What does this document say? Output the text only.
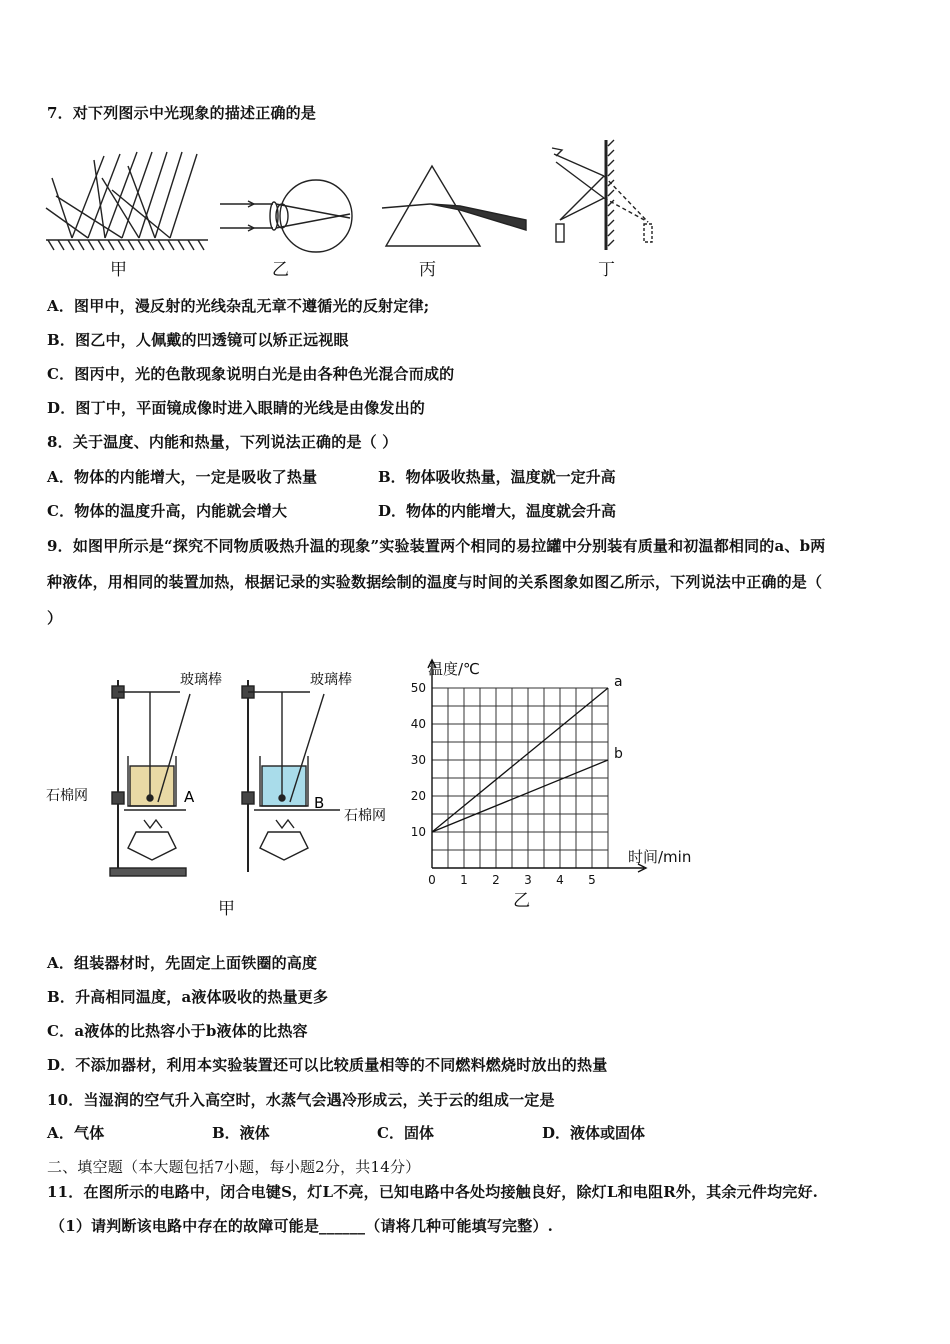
7．对下列图示中光现象的描述正确的是
甲	乙	丙	丁
A．图甲中，漫反射的光线杂乱无章不遵循光的反射定律;
B．图乙中，人佩戴的凹透镜可以矫正远视眼
C．图丙中，光的色散现象说明白光是由各种色光混合而成的
D．图丁中，平面镜成像时进入眼睛的光线是由像发出的
8．关于温度、内能和热量，下列说法正确的是（ ）
A．物体的内能增大，一定是吸收了热量	B．物体吸收热量，温度就一定升高
C．物体的温度升高，内能就会增大	D．物体的内能增大，温度就会升高
9．如图甲所示是“探究不同物质吸热升温的现象”实验装置两个相同的易拉罐中分别装有质量和初温都相同的a、b两
种液体，用相同的装置加热，根据记录的实验数据绘制的温度与时间的关系图象如图乙所示，下列说法中正确的是（
）
玻璃棒	玻璃棒
石棉网
石棉网
A	B
甲
0 1 2 3 4 5
10
20
30
40
50
温度/℃
时间/min
a
b
乙
A．组装器材时，先固定上面铁圈的高度
B．升高相同温度，a液体吸收的热量更多
C．a液体的比热容小于b液体的比热容
D．不添加器材，利用本实验装置还可以比较质量相等的不同燃料燃烧时放出的热量
10．当湿润的空气升入高空时，水蒸气会遇冷形成云，关于云的组成一定是
A．气体	B．液体	C．固体	D．液体或固体
二、填空题（本大题包括7小题，每小题2分，共14分）
11．在图所示的电路中，闭合电键S，灯L不亮，已知电路中各处均接触良好，除灯L和电阻R外，其余元件均完好.
（1）请判断该电路中存在的故障可能是______（请将几种可能填写完整）.
